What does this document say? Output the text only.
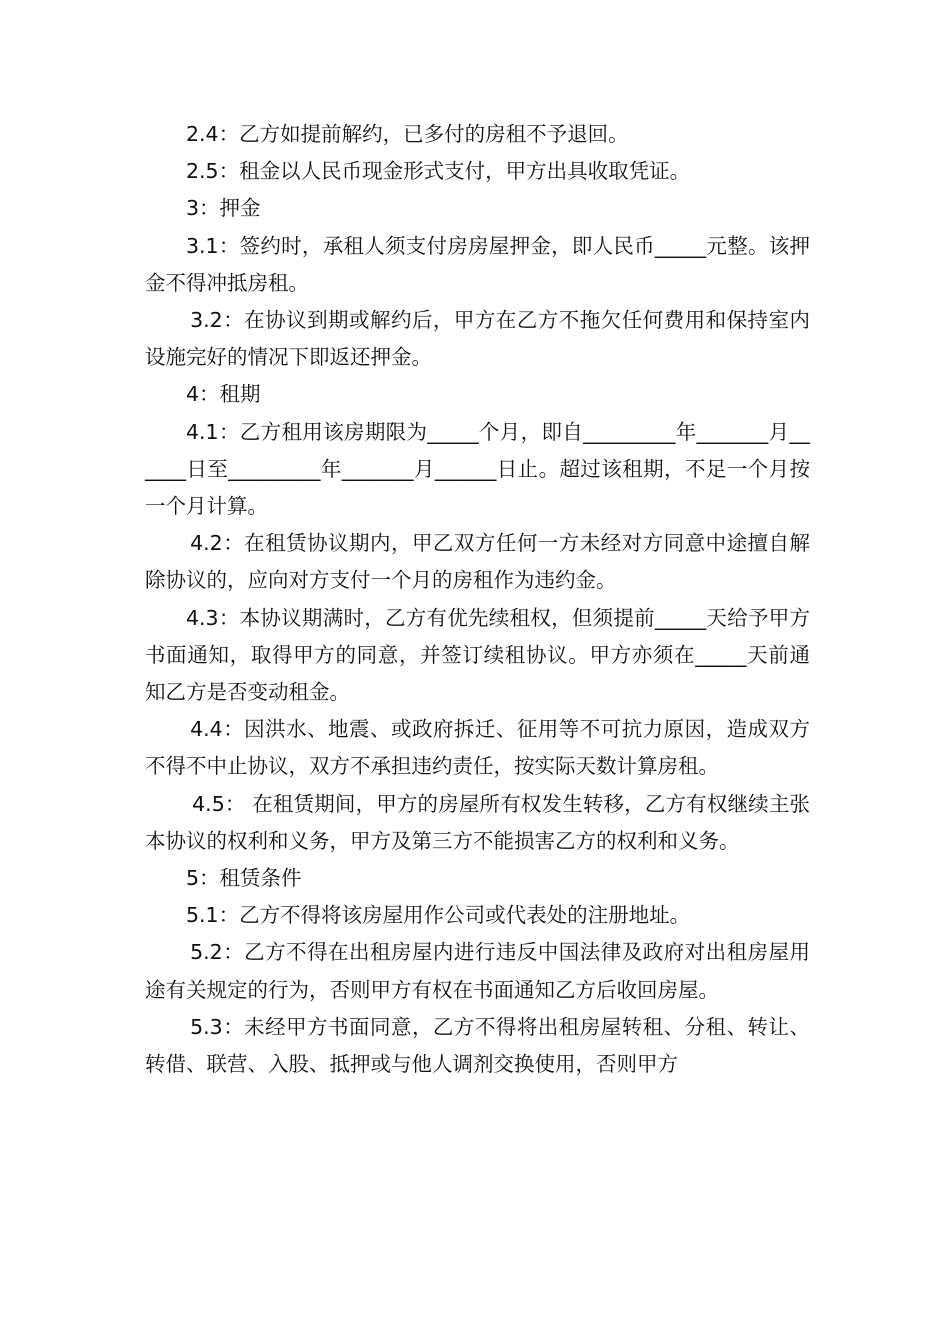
2.4：乙方如提前解约，已多付的房租不予退回。

2.5：租金以人民币现金形式支付，甲方出具收取凭证。

3：押金

3.1：签约时，承租人须支付房房屋押金，即人民币_____元整。该押金不得冲抵房租。

3.2：在协议到期或解约后，甲方在乙方不拖欠任何费用和保持室内设施完好的情况下即返还押金。

4：租期

4.1：乙方租用该房期限为_____个月，即自_________年_______月______日至_________年_______月______日止。超过该租期，不足一个月按一个月计算。

4.2：在租赁协议期内，甲乙双方任何一方未经对方同意中途擅自解除协议的，应向对方支付一个月的房租作为违约金。

4.3：本协议期满时，乙方有优先续租权，但须提前_____天给予甲方书面通知，取得甲方的同意，并签订续租协议。甲方亦须在_____天前通知乙方是否变动租金。

4.4：因洪水、地震、或政府拆迁、征用等不可抗力原因，造成双方不得不中止协议，双方不承担违约责任，按实际天数计算房租。

4.5： 在租赁期间，甲方的房屋所有权发生转移，乙方有权继续主张本协议的权利和义务，甲方及第三方不能损害乙方的权利和义务。

5：租赁条件

5.1：乙方不得将该房屋用作公司或代表处的注册地址。

5.2：乙方不得在出租房屋内进行违反中国法律及政府对出租房屋用途有关规定的行为，否则甲方有权在书面通知乙方后收回房屋。

5.3：未经甲方书面同意，乙方不得将出租房屋转租、分租、转让、转借、联营、入股、抵押或与他人调剂交换使用，否则甲方
